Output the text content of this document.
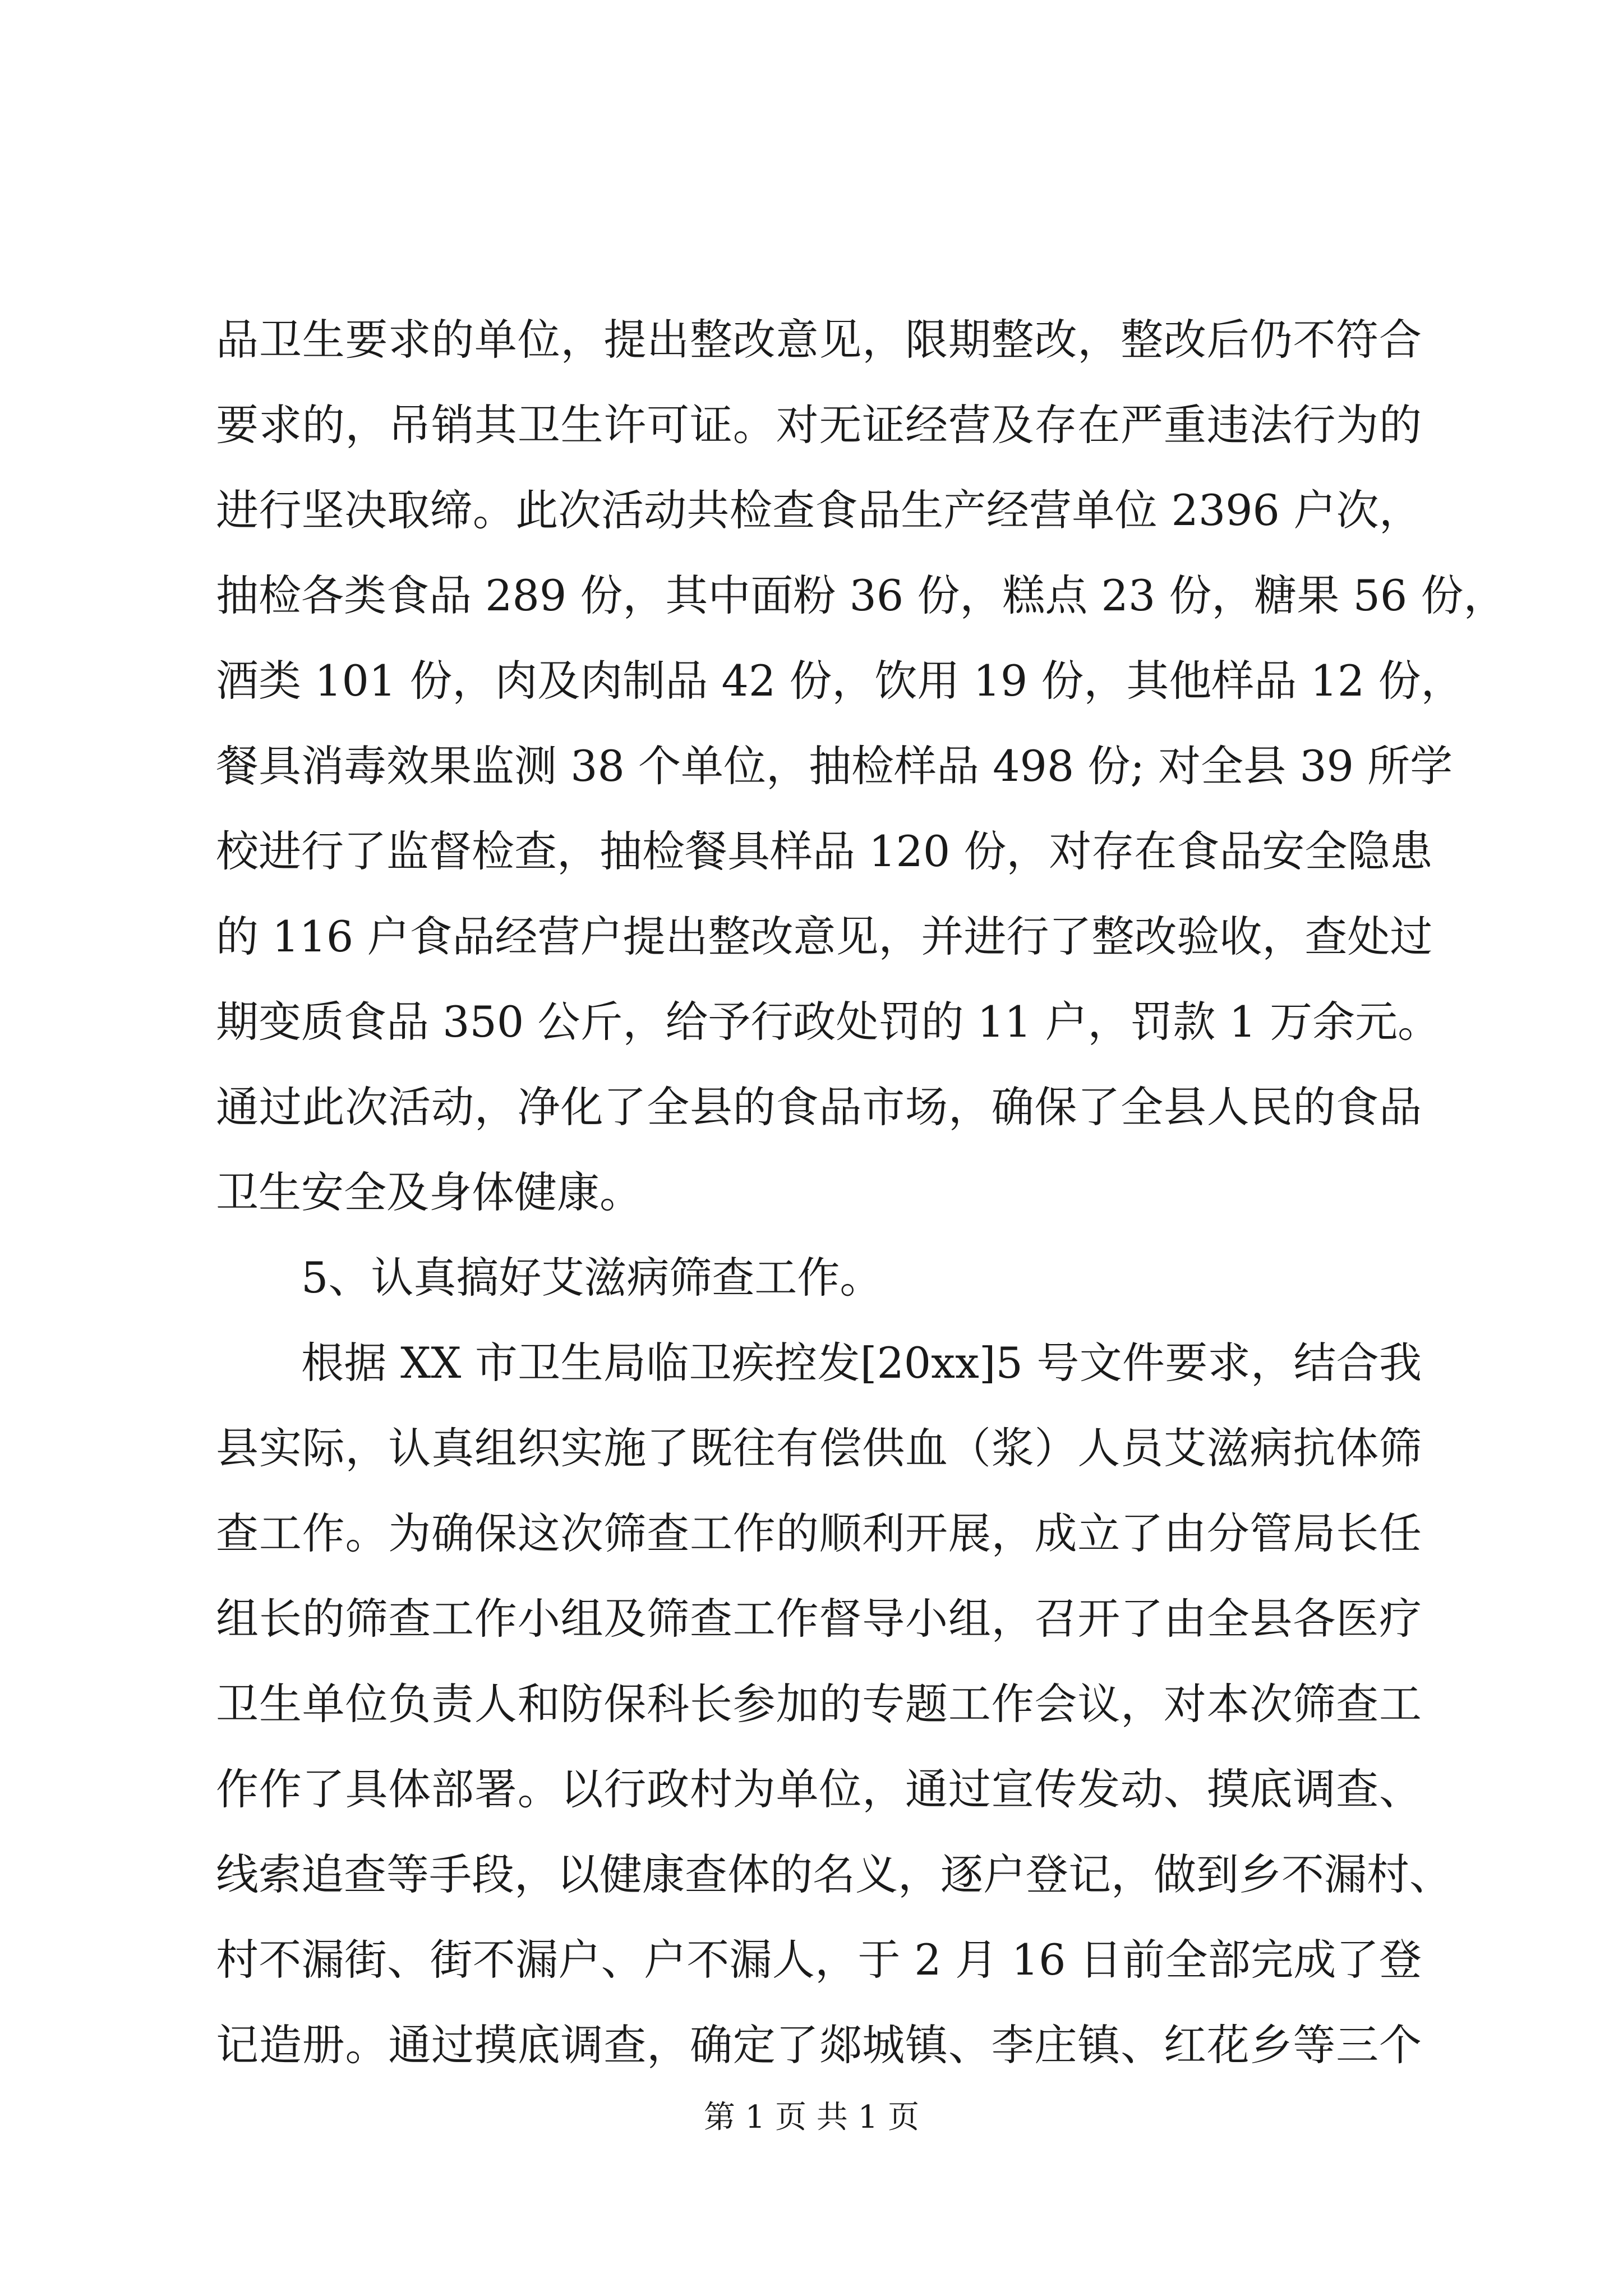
品卫生要求的单位，提出整改意见，限期整改，整改后仍不符合
要求的，吊销其卫生许可证。对无证经营及存在严重违法行为的
进行坚决取缔。此次活动共检查食品生产经营单位 2396 户次，
抽检各类食品 289 份，其中面粉 36 份，糕点 23 份，糖果 56 份，
酒类 101 份，肉及肉制品 42 份，饮用 19 份，其他样品 12 份，
餐具消毒效果监测 38 个单位，抽检样品 498 份; 对全县 39 所学
校进行了监督检查，抽检餐具样品 120 份，对存在食品安全隐患
的 116 户食品经营户提出整改意见，并进行了整改验收，查处过
期变质食品 350 公斤，给予行政处罚的 11 户，罚款 1 万余元。
通过此次活动，净化了全县的食品市场，确保了全县人民的食品
卫生安全及身体健康。
5、认真搞好艾滋病筛查工作。
根据 XX 市卫生局临卫疾控发[20xx]5 号文件要求，结合我
县实际，认真组织实施了既往有偿供血（浆）人员艾滋病抗体筛
查工作。为确保这次筛查工作的顺利开展，成立了由分管局长任
组长的筛查工作小组及筛查工作督导小组，召开了由全县各医疗
卫生单位负责人和防保科长参加的专题工作会议，对本次筛查工
作作了具体部署。以行政村为单位，通过宣传发动、摸底调查、
线索追查等手段，以健康查体的名义，逐户登记，做到乡不漏村、
村不漏街、街不漏户、户不漏人，于 2 月 16 日前全部完成了登
记造册。通过摸底调查，确定了郯城镇、李庄镇、红花乡等三个
第 1 页 共 1 页
